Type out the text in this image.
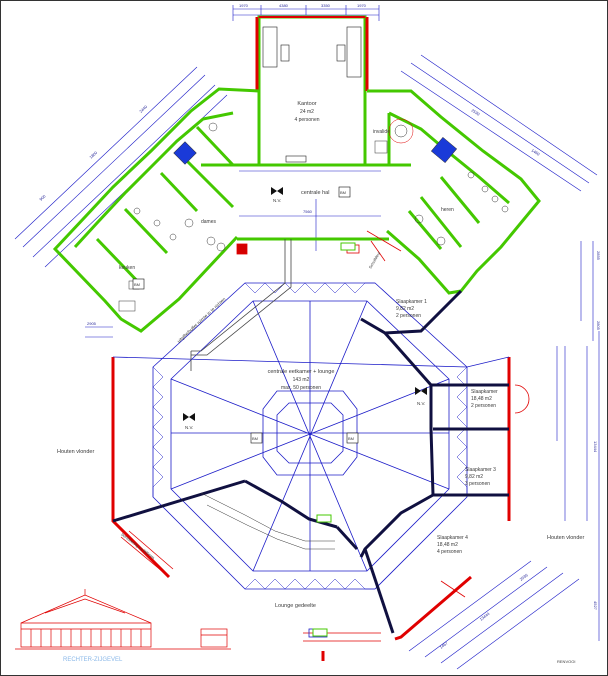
1970	4380	3350	1970
7560
2905
900
1800
2440	2530
1460
2855
2805
13444
4527
2536
13444
1467
BM
BM
BM	BM
Kantoor
24 m2
4 personen
centrale hal
N.V.
invalide
heren
dames
keuken
uitgifte/buffet ruimte in te richten	Slaapkamer 1
9,82 m2
2 personen
Slaapkamer
18,48 m2
2 personen
Slaapkamer 3
9,82 m2
3 personen
Slaapkamer 4
18,48 m2
4 personen
centrale eetkamer + lounge
143 m2
max. 50 personen
N.V.
N.V.
Lounge gedeelte
Houten vlonder
Houten vlonder
borstwering ca 600mm
Schuifdeur
RENVOOI
RECHTER-ZIJGEVEL
